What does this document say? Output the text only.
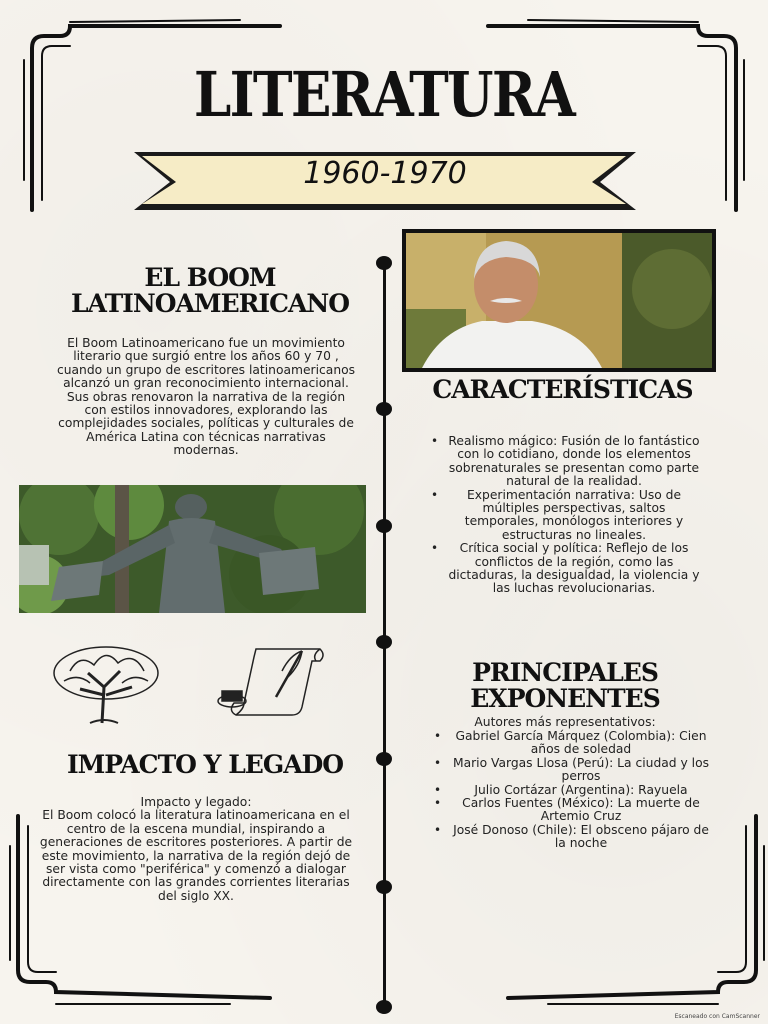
LITERATURA
1960-1970
EL BOOM
LATINOAMERICANO
El Boom Latinoamericano fue un movimiento literario que surgió entre los años 60 y 70 , cuando un grupo de escritores latinoamericanos alcanzó un gran reconocimiento internacional. Sus obras renovaron la narrativa de la región con estilos innovadores, explorando las complejidades sociales, políticas y culturales de América Latina con técnicas narrativas modernas.
IMPACTO Y LEGADO
Impacto y legado:
El Boom colocó la literatura latinoamericana en el centro de la escena mundial, inspirando a generaciones de escritores posteriores. A partir de este movimiento, la narrativa de la región dejó de ser vista como "periférica" y comenzó a dialogar directamente con las grandes corrientes literarias del siglo XX.
CARACTERÍSTICAS
• Realismo mágico: Fusión de lo fantástico con lo cotidiano, donde los elementos sobrenaturales se presentan como parte natural de la realidad.
• Experimentación narrativa: Uso de múltiples perspectivas, saltos temporales, monólogos interiores y estructuras no lineales.
• Crítica social y política: Reflejo de los conflictos de la región, como las dictaduras, la desigualdad, la violencia y las luchas revolucionarias.
PRINCIPALES EXPONENTES
Autores más representativos:
• Gabriel García Márquez (Colombia): Cien años de soledad
• Mario Vargas Llosa (Perú): La ciudad y los perros
• Julio Cortázar (Argentina): Rayuela
• Carlos Fuentes (México): La muerte de Artemio Cruz
• José Donoso (Chile): El obsceno pájaro de la noche
Escaneado con CamScanner
